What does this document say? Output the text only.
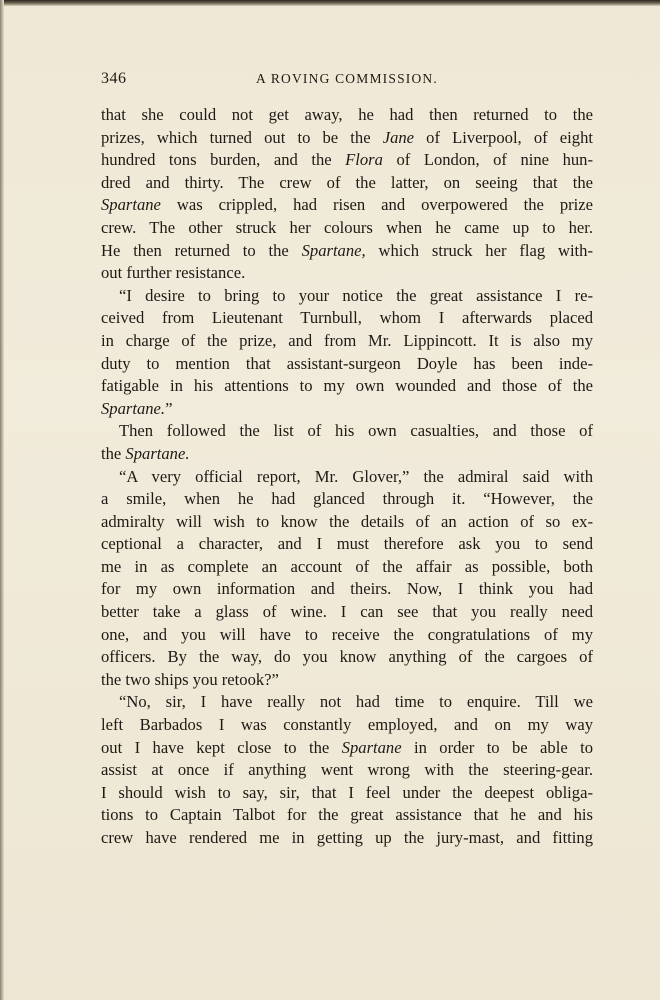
346	A ROVING COMMISSION.
that she could not get away, he had then returned to the
prizes, which turned out to be the Jane of Liverpool, of eight
hundred tons burden, and the Flora of London, of nine hun-
dred and thirty. The crew of the latter, on seeing that the
Spartane was crippled, had risen and overpowered the prize
crew. The other struck her colours when he came up to her.
He then returned to the Spartane, which struck her flag with-
out further resistance.
“I desire to bring to your notice the great assistance I re-
ceived from Lieutenant Turnbull, whom I afterwards placed
in charge of the prize, and from Mr. Lippincott. It is also my
duty to mention that assistant-surgeon Doyle has been inde-
fatigable in his attentions to my own wounded and those of the
Spartane.”
Then followed the list of his own casualties, and those of
the Spartane.
“A very official report, Mr. Glover,” the admiral said with
a smile, when he had glanced through it. “However, the
admiralty will wish to know the details of an action of so ex-
ceptional a character, and I must therefore ask you to send
me in as complete an account of the affair as possible, both
for my own information and theirs. Now, I think you had
better take a glass of wine. I can see that you really need
one, and you will have to receive the congratulations of my
officers. By the way, do you know anything of the cargoes of
the two ships you retook?”
“No, sir, I have really not had time to enquire. Till we
left Barbados I was constantly employed, and on my way
out I have kept close to the Spartane in order to be able to
assist at once if anything went wrong with the steering-gear.
I should wish to say, sir, that I feel under the deepest obliga-
tions to Captain Talbot for the great assistance that he and his
crew have rendered me in getting up the jury-mast, and fitting
